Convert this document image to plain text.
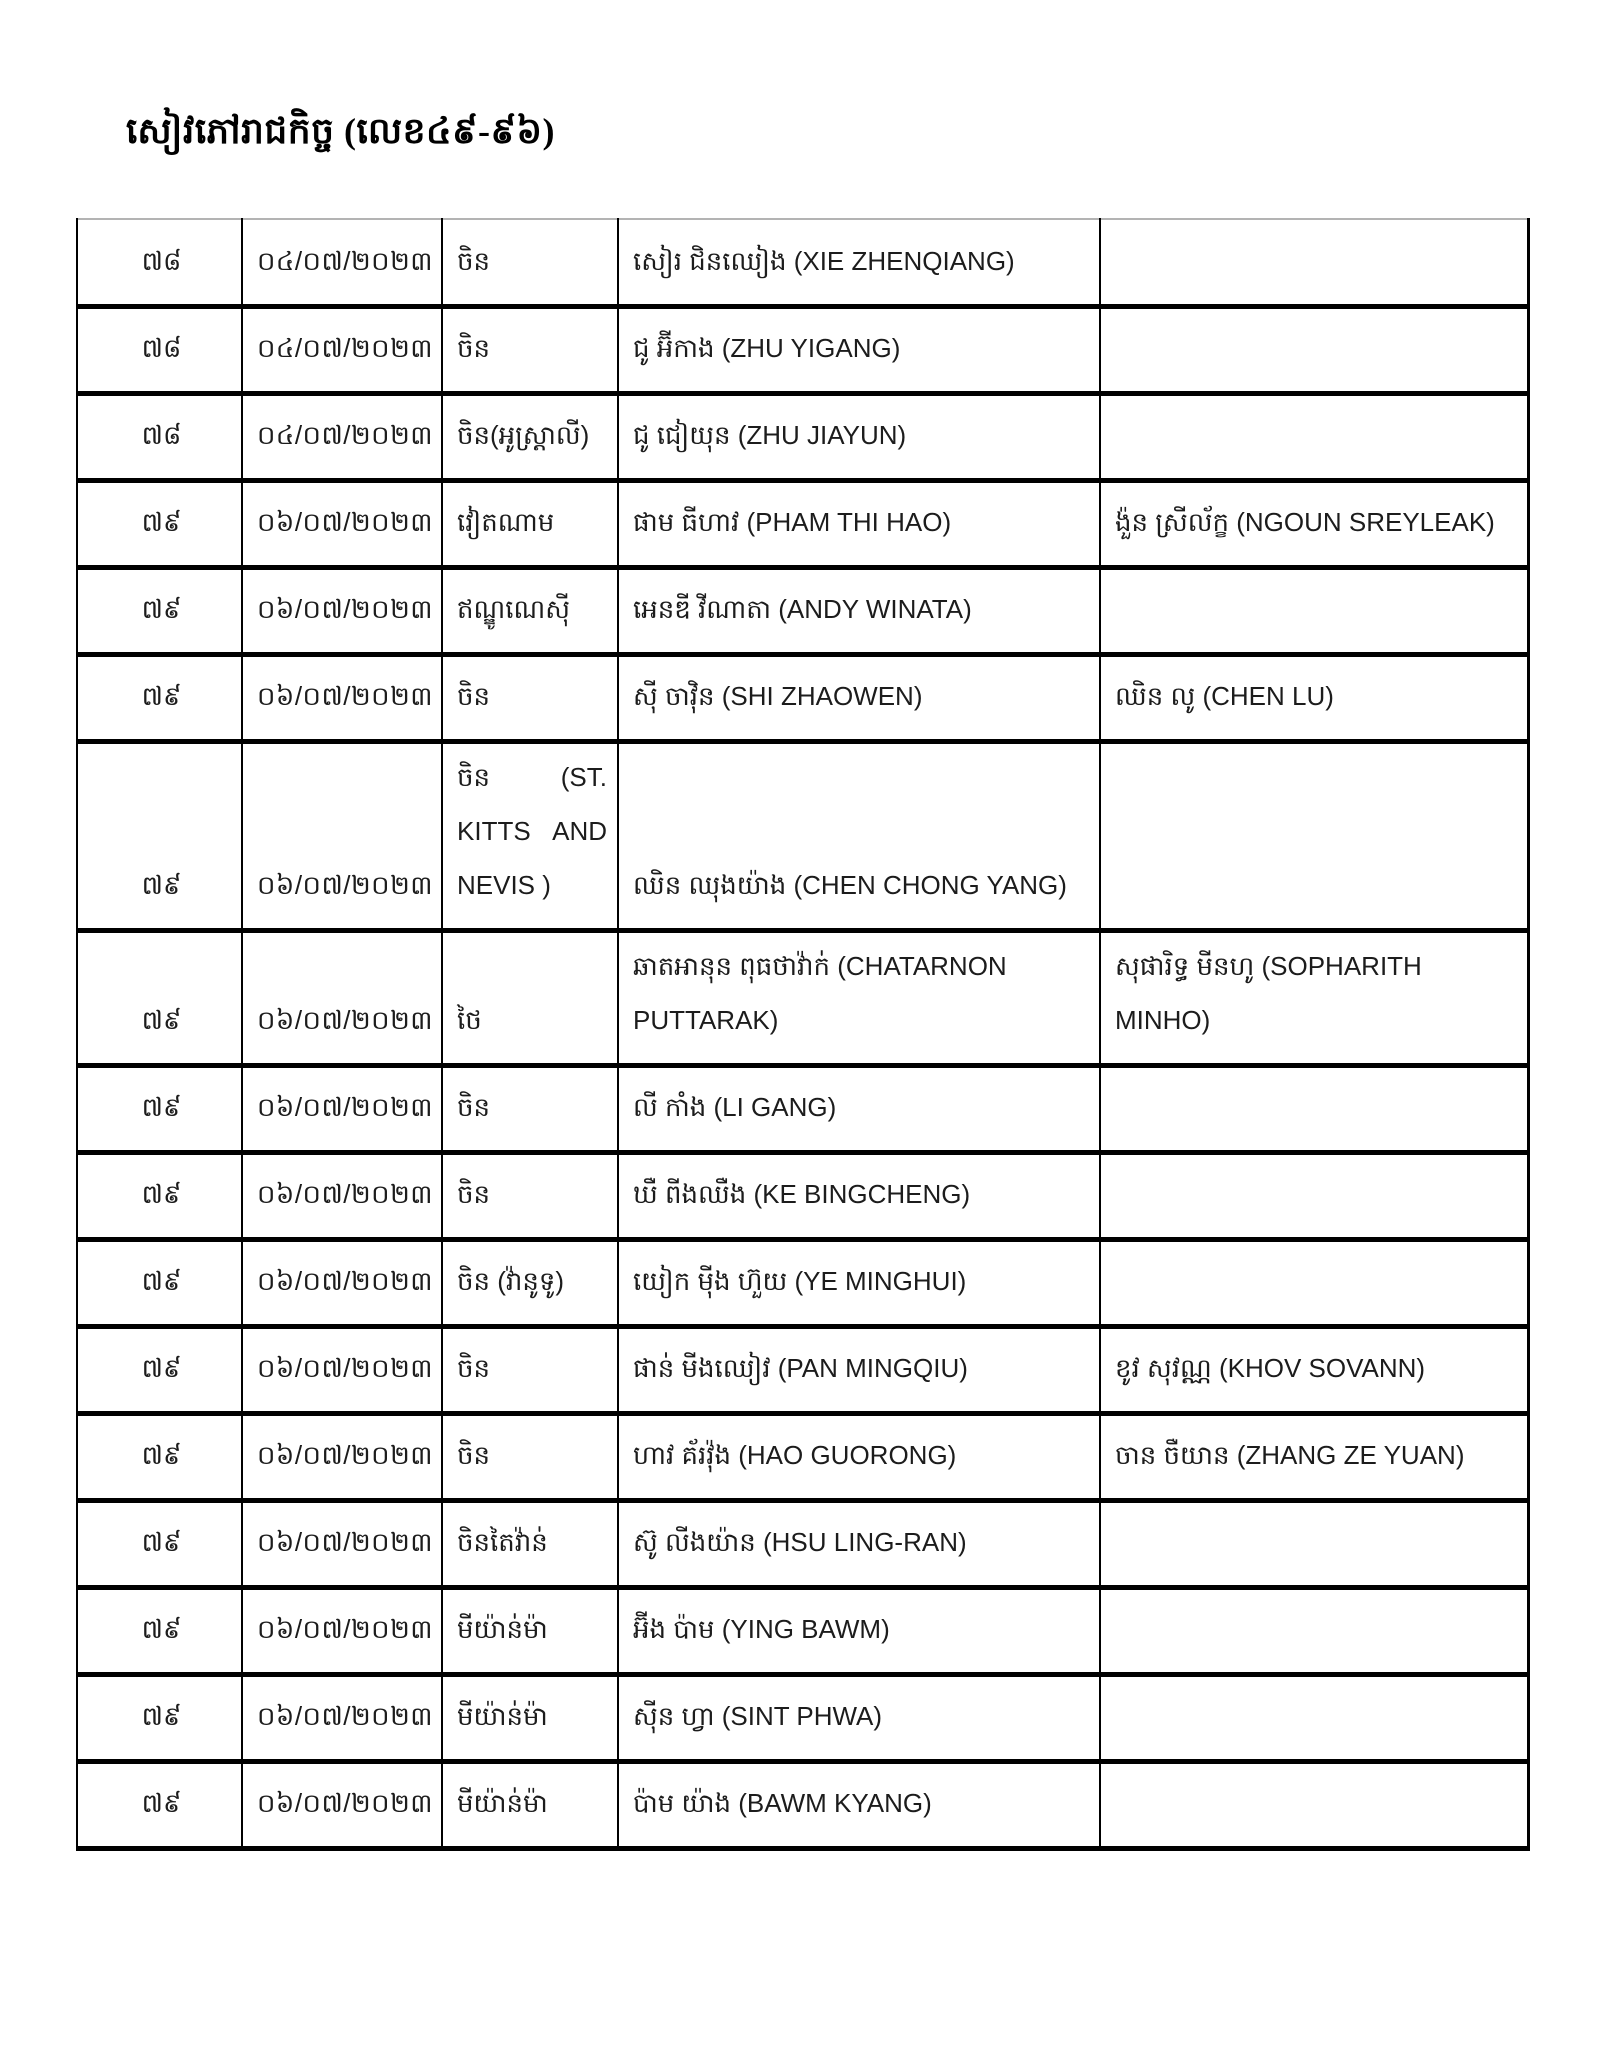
សៀវភៅរាជកិច្ច (លេខ៤៩-៩៦)
៧៨	០៤/០៧/២០២៣	ចិន	សៀរ ជិនឈៀង (XIE ZHENQIANG)	
៧៨	០៤/០៧/២០២៣	ចិន	ជូ អ៊ីកាង (ZHU YIGANG)	
៧៨	០៤/០៧/២០២៣	ចិន(អូស្ត្រាលី)	ជូ ជៀយុន (ZHU JIAYUN)	
៧៩	០៦/០៧/២០២៣	វៀតណាម	ផាម ធីហាវ (PHAM THI HAO)	ង៉ួន ស្រីល័ក្ខ (NGOUN SREYLEAK)
៧៩	០៦/០៧/២០២៣	ឥណ្ឌូណេស៊ី	អេនឌី វីណាតា (ANDY WINATA)	
៧៩	០៦/០៧/២០២៣	ចិន	ស៊ី ចាវ៉ិន (SHI ZHAOWEN)	ឈិន លូ (CHEN LU)
៧៩	០៦/០៧/២០២៣	ចិន (ST. KITTS AND NEVIS )	ឈិន ឈុងយ៉ាង (CHEN CHONG YANG)	
៧៩	០៦/០៧/២០២៣	ថៃ	ឆាតអានុន ពុធថាវ៉ាក់ (CHATARNON PUTTARAK)	សុផារិទ្ធ មីនហូ (SOPHARITH MINHO)
៧៩	០៦/០៧/២០២៣	ចិន	លី កាំង (LI GANG)	
៧៩	០៦/០៧/២០២៣	ចិន	ឃឺ ពីងឈឺង (KE BINGCHENG)	
៧៩	០៦/០៧/២០២៣	ចិន (វ៉ានូទូ)	យៀក ម៉ីង ហ៊ួយ (YE MINGHUI)	
៧៩	០៦/០៧/២០២៣	ចិន	ផាន់ មីងឈៀវ (PAN MINGQIU)	ខូវ សុវណ្ណ (KHOV SOVANN)
៧៩	០៦/០៧/២០២៣	ចិន	ហាវ គ័រវ៉ុង (HAO GUORONG)	ចាន ចឺយាន (ZHANG ZE YUAN)
៧៩	០៦/០៧/២០២៣	ចិនតៃវ៉ាន់	ស៊ូ លីងយ៉ាន (HSU LING-RAN)	
៧៩	០៦/០៧/២០២៣	មីយ៉ាន់ម៉ា	អ៊ីង ប៉ាម (YING BAWM)	
៧៩	០៦/០៧/២០២៣	មីយ៉ាន់ម៉ា	ស៊ីន ហ្វា (SINT PHWA)	
៧៩	០៦/០៧/២០២៣	មីយ៉ាន់ម៉ា	ប៉ាម យ៉ាង (BAWM KYANG)	
